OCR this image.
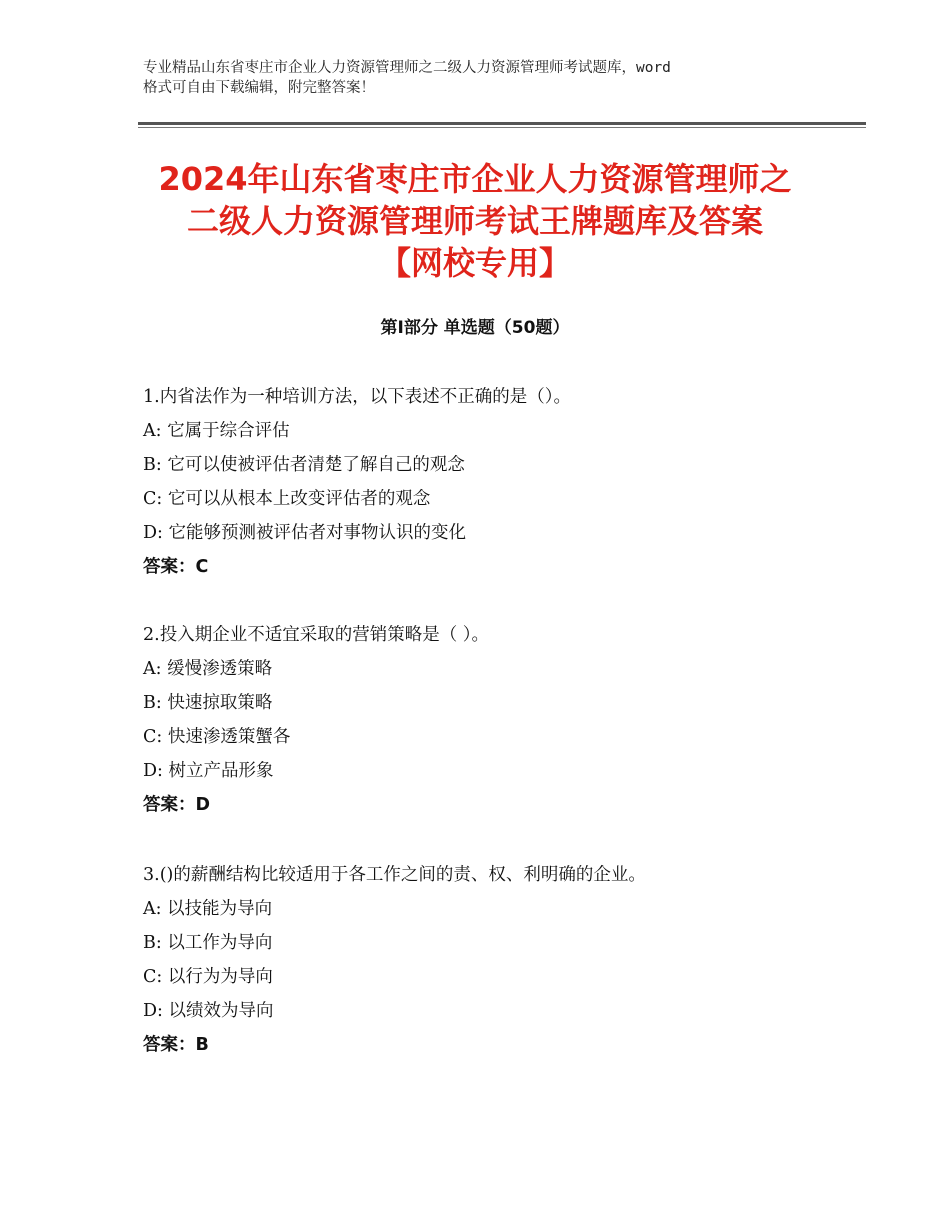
专业精品山东省枣庄市企业人力资源管理师之二级人力资源管理师考试题库，word
格式可自由下载编辑，附完整答案！
2024年山东省枣庄市企业人力资源管理师之
二级人力资源管理师考试王牌题库及答案
【网校专用】
第Ⅰ部分 单选题（50题）
1.内省法作为一种培训方法，以下表述不正确的是（）。
A: 它属于综合评估
B: 它可以使被评估者清楚了解自己的观念
C: 它可以从根本上改变评估者的观念
D: 它能够预测被评估者对事物认识的变化
答案：C
2.投入期企业不适宜采取的营销策略是（ ）。
A: 缓慢渗透策略
B: 快速掠取策略
C: 快速渗透策蟹各
D: 树立产品形象
答案：D
3.()的薪酬结构比较适用于各工作之间的责、权、利明确的企业。
A: 以技能为导向
B: 以工作为导向
C: 以行为为导向
D: 以绩效为导向
答案：B
